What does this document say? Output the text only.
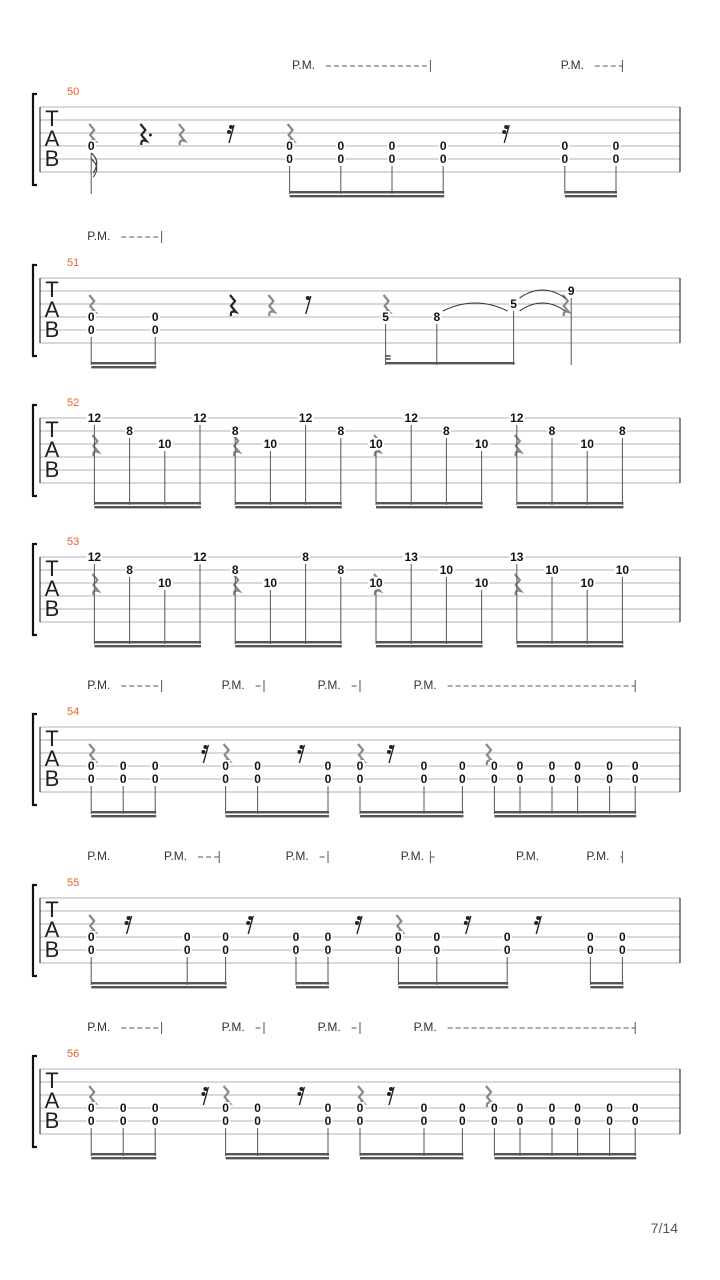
T
A
B
50
P.M.	P.M.
0	0
0
0
0
0
0
0
0
0
0
0
0
T
A
B
51
P.M.
0
0
0
0
5	8
5
9
T
A
B
52
12
8
10
12
8
10
12
8
10
12
8
10
12
8
10
8
T
A
B
53
12
8
10
12
8
10
8
8
10
13
10
10
13
10
10
10
T
A
B
54
P.M.	P.M.	P.M.	P.M.
0
0
0
0
0
0
0
0
0
0
0
0
0
0
0
0
0
0
0
0
0
0
0
0
0
0
0
0
0
0
T
A
B
55
P.M.	P.M.	P.M.	P.M.	P.M.	P.M.
0
0
0
0
0
0
0
0
0
0
0
0
0
0
0
0
0
0
0
0
T
A
B
56
P.M.	P.M.	P.M.	P.M.
0
0
0
0
0
0
0
0
0
0
0
0
0
0
0
0
0
0
0
0
0
0
0
0
0
0
0
0
0
0
7/14
